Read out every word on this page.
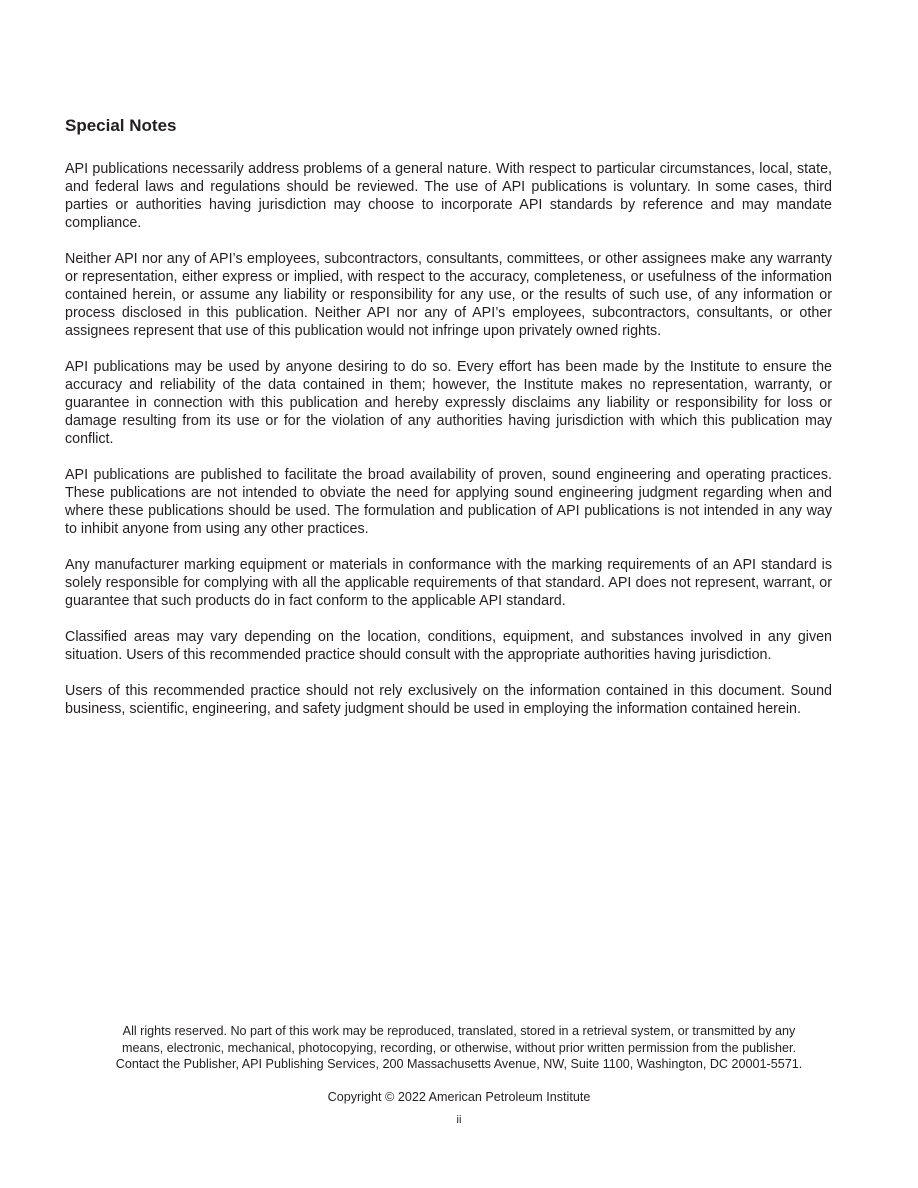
Special Notes

API publications necessarily address problems of a general nature. With respect to particular circumstances, local, state, and federal laws and regulations should be reviewed. The use of API publications is voluntary. In some cases, third parties or authorities having jurisdiction may choose to incorporate API standards by reference and may mandate compliance.

Neither API nor any of API’s employees, subcontractors, consultants, committees, or other assignees make any warranty or representation, either express or implied, with respect to the accuracy, completeness, or usefulness of the information contained herein, or assume any liability or responsibility for any use, or the results of such use, of any information or process disclosed in this publication. Neither API nor any of API’s employees, subcontractors, consultants, or other assignees represent that use of this publication would not infringe upon privately owned rights.

API publications may be used by anyone desiring to do so. Every effort has been made by the Institute to ensure the accuracy and reliability of the data contained in them; however, the Institute makes no representation, warranty, or guarantee in connection with this publication and hereby expressly disclaims any liability or responsibility for loss or damage resulting from its use or for the violation of any authorities having jurisdiction with which this publication may conflict.

API publications are published to facilitate the broad availability of proven, sound engineering and operating practices. These publications are not intended to obviate the need for applying sound engineering judgment regarding when and where these publications should be used. The formulation and publication of API publications is not intended in any way to inhibit anyone from using any other practices.

Any manufacturer marking equipment or materials in conformance with the marking requirements of an API standard is solely responsible for complying with all the applicable requirements of that standard. API does not represent, warrant, or guarantee that such products do in fact conform to the applicable API standard.

Classified areas may vary depending on the location, conditions, equipment, and substances involved in any given situation. Users of this recommended practice should consult with the appropriate authorities having jurisdiction.

Users of this recommended practice should not rely exclusively on the information contained in this document. Sound business, scientific, engineering, and safety judgment should be used in employing the information contained herein.

All rights reserved. No part of this work may be reproduced, translated, stored in a retrieval system, or transmitted by any
means, electronic, mechanical, photocopying, recording, or otherwise, without prior written permission from the publisher.
Contact the Publisher, API Publishing Services, 200 Massachusetts Avenue, NW, Suite 1100, Washington, DC 20001-5571.
Copyright © 2022 American Petroleum Institute
ii
